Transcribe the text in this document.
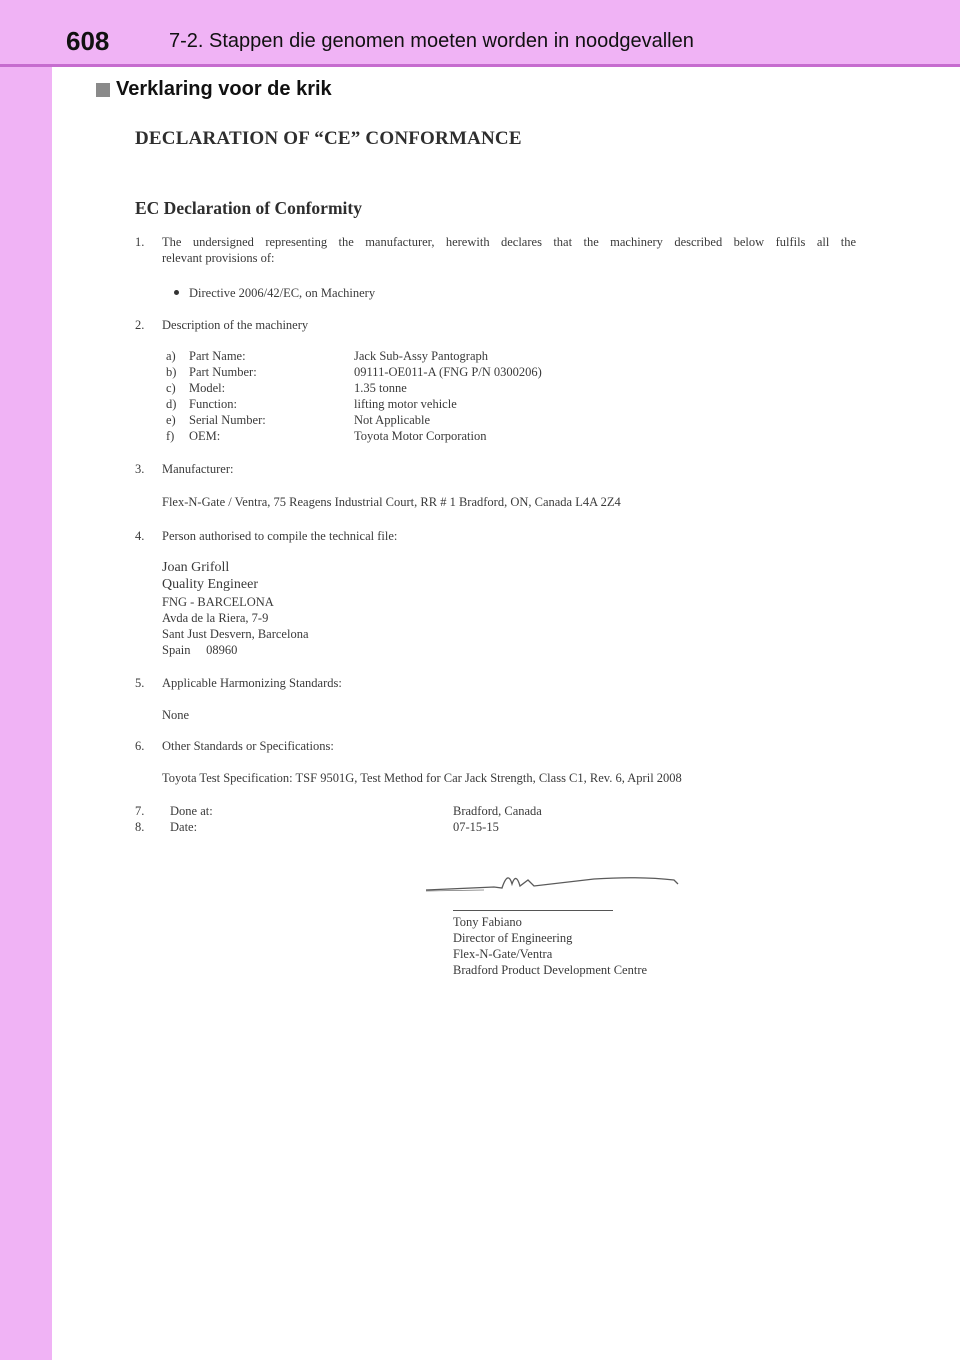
608	7-2. Stappen die genomen moeten worden in noodgevallen
Verklaring voor de krik
DECLARATION OF “CE” CONFORMANCE
EC Declaration of Conformity
1. The undersigned representing the manufacturer, herewith declares that the machinery described below fulfils all the
relevant provisions of:
Directive 2006/42/EC, on Machinery
2. Description of the machinery
a) Part Name:	Jack Sub-Assy Pantograph
b) Part Number:	09111-OE011-A (FNG P/N 0300206)
c) Model:	1.35 tonne
d) Function:	lifting motor vehicle
e) Serial Number:	Not Applicable
f) OEM:	Toyota Motor Corporation
3. Manufacturer:
Flex-N-Gate / Ventra, 75 Reagens Industrial Court, RR # 1 Bradford, ON, Canada L4A 2Z4
4. Person authorised to compile the technical file:
Joan Grifoll
Quality Engineer
FNG - BARCELONA
Avda de la Riera, 7-9
Sant Just Desvern, Barcelona
Spain     08960
5. Applicable Harmonizing Standards:
None
6. Other Standards or Specifications:
Toyota Test Specification: TSF 9501G, Test Method for Car Jack Strength, Class C1, Rev. 6, April 2008
7. Done at:	Bradford, Canada
8. Date:	07-15-15
Tony Fabiano
Director of Engineering
Flex-N-Gate/Ventra
Bradford Product Development Centre
